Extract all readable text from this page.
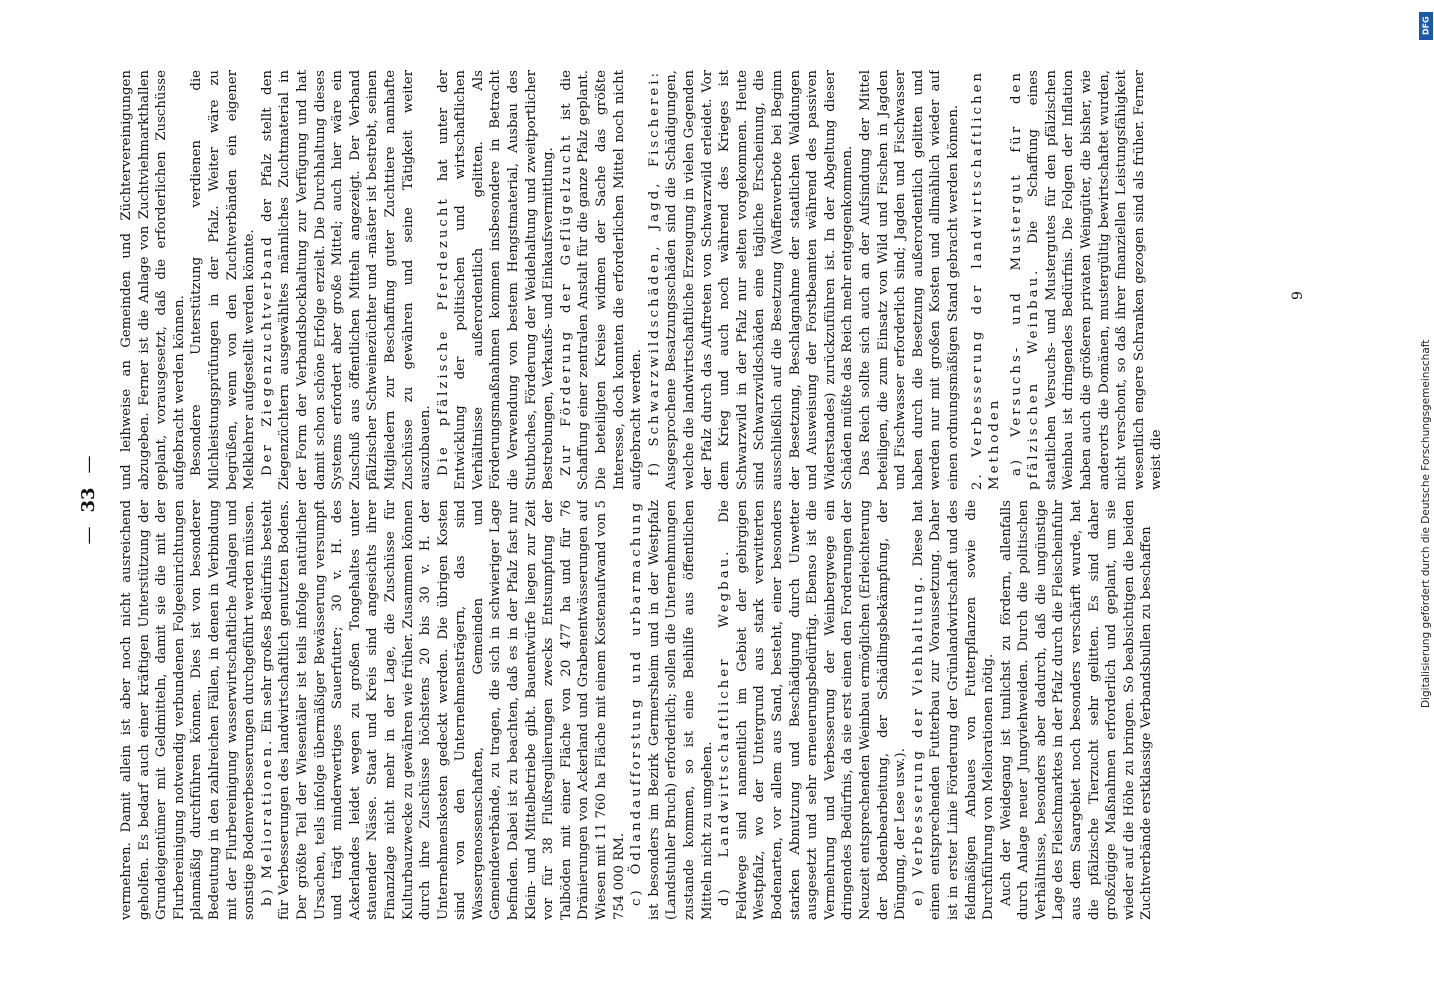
—
33
—

vermehren. Damit allein ist aber noch nicht ausreichend geholfen. Es bedarf auch einer kräftigen Unterstützung der Grundeigentümer mit Geldmitteln, damit sie die mit der Flurbereinigung notwendig verbundenen Folgeeinrichtungen planmäßig durchführen können. Dies ist von besonderer Bedeutung in den zahlreichen Fällen, in denen in Verbindung mit der Flurbereinigung wasserwirtschaftliche Anlagen und sonstige Bodenverbesserungen durchgeführt werden müssen. b) Meliorationen. Ein sehr großes Bedürfnis besteht für Verbesserungen des landwirtschaftlich genutzten Bodens. Der größte Teil der Wiesentäler ist teils infolge natürlicher Ursachen, teils infolge übermäßiger Bewässerung versumpft und trägt minderwertiges Sauerfutter; 30 v. H. des Ackerlandes leidet wegen zu großen Tongehaltes unter stauender Nässe. Staat und Kreis sind angesichts ihrer Finanzlage nicht mehr in der Lage, die Zuschüsse für Kulturbauzwecke zu gewähren wie früher. Zusammen können durch ihre Zuschüsse höchstens 20 bis 30 v. H. der Unternehmenskosten gedeckt werden. Die übrigen Kosten sind von den Unternehmensträgern, das sind Wassergenossenschaften, Gemeinden und Gemeindeverbände, zu tragen, die sich in schwieriger Lage befinden. Dabei ist zu beachten, daß es in der Pfalz fast nur Klein- und Mittelbetriebe gibt. Bauentwürfe liegen zur Zeit vor für 38 Flußregulierungen zwecks Entsumpfung der Talböden mit einer Fläche von 20 477 ha und für 76 Dränierungen von Ackerland und Grabenentwässerungen auf Wiesen mit 11 760 ha Fläche mit einem Kostenaufwand von 5 754 000 RM. c) Ödlandaufforstung und urbarmachung ist besonders im Bezirk Germersheim und in der Westpfalz (Landstuhler Bruch) erforderlich; sollen die Unternehmungen zustande kommen, so ist eine Beihilfe aus öffentlichen Mitteln nicht zu umgehen. d) Landwirtschaftlicher Wegbau. Die Feldwege sind namentlich im Gebiet der gebirgigen Westpfalz, wo der Untergrund aus stark verwitterten Bodenarten, vor allem aus Sand, besteht, einer besonders starken Abnutzung und Beschädigung durch Unwetter ausgesetzt und sehr erneuerungsbedürftig. Ebenso ist die Vermehrung und Verbesserung der Weinbergwege ein dringendes Bedürfnis, da sie erst einen den Forderungen der Neuzeit entsprechenden Weinbau ermöglichen (Erleichterung der Bodenbearbeitung, der Schädlingsbekämpfung, der Düngung, der Lese usw.). e) Verbesserung der Viehhaltung. Diese hat einen entsprechenden Futterbau zur Voraussetzung. Daher ist in erster Linie Förderung der Grünlandwirtschaft und des feldmäßigen Anbaues von Futterpflanzen sowie die Durchführung von Meliorationen nötig. Auch der Weidegang ist tunlichst zu fördern, allenfalls durch Anlage neuer Jungviehweiden. Durch die politischen Verhältnisse, besonders aber dadurch, daß die ungünstige Lage des Fleischmarktes in der Pfalz durch die Fleischeinfuhr aus dem Saargebiet noch besonders verschärft wurde, hat die pfälzische Tierzucht sehr gelitten. Es sind daher großzügige Maßnahmen erforderlich und geplant, um sie wieder auf die Höhe zu bringen. So beabsichtigen die beiden Zuchtverbände erstklassige Verbandsbullen zu beschaffen

und leihweise an Gemeinden und Züchtervereinigungen abzugeben. Ferner ist die Anlage von Zuchtviehmarkthallen geplant, vorausgesetzt, daß die erforderlichen Zuschüsse aufgebracht werden können. Besondere Unterstützung verdienen die Milchleistungsprüfungen in der Pfalz. Weiter wäre zu begrüßen, wenn von den Zuchtverbänden ein eigener Melklehrer aufgestellt werden könnte. Der Ziegenzuchtverband der Pfalz stellt den Ziegenzüchtern ausgewähltes männliches Zuchtmaterial in der Form der Verbandsbockhaltung zur Verfügung und hat damit schon schöne Erfolge erzielt. Die Durchhaltung dieses Systems erfordert aber große Mittel; auch hier wäre ein Zuschuß aus öffentlichen Mitteln angezeigt. Der Verband pfälzischer Schweinezüchter und -mäster ist bestrebt, seinen Mitgliedern zur Beschaffung guter Zuchttiere namhafte Zuschüsse zu gewähren und seine Tätigkeit weiter auszubauen. Die pfälzische Pferdezucht hat unter der Entwicklung der politischen und wirtschaftlichen Verhältnisse außerordentlich gelitten. Als Förderungsmaßnahmen kommen insbesondere in Betracht die Verwendung von bestem Hengstmaterial, Ausbau des Stutbuches, Förderung der Weidehaltung und zweitportlicher Bestrebungen, Verkaufs- und Einkaufsvermittlung. Zur Förderung der Geflügelzucht ist die Schaffung einer zentralen Anstalt für die ganze Pfalz geplant. Die beteiligten Kreise widmen der Sache das größte Interesse, doch konnten die erforderlichen Mittel noch nicht aufgebracht werden. f) Schwarzwildschäden, Jagd, Fischerei: Ausgesprochene Besatzungsschäden sind die Schädigungen, welche die landwirtschaftliche Erzeugung in vielen Gegenden der Pfalz durch das Auftreten von Schwarzwild erleidet. Vor dem Krieg und auch noch während des Krieges ist Schwarzwild in der Pfalz nur selten vorgekommen. Heute sind Schwarzwildschäden eine tägliche Erscheinung, die ausschließlich auf die Besetzung (Waffenverbote bei Beginn der Besetzung, Beschlagnahme der staatlichen Waldungen und Ausweisung der Forstbeamten während des passiven Widerstandes) zurückzuführen ist. In der Abgeltung dieser Schäden müßte das Reich mehr entgegenkommen. Das Reich sollte sich auch an der Aufsindung der Mittel beteiligen, die zum Einsatz von Wild und Fischen in Jagden und Fischwasser erforderlich sind; Jagden und Fischwasser haben durch die Besetzung außerordentlich gelitten und werden nur mit großen Kosten und allmählich wieder auf einen ordnungsmäßigen Stand gebracht werden können. 2. Verbesserung der landwirtschaftlichen Methoden a) Versuchs- und Mustergut für den pfälzischen Weinbau. Die Schaffung eines staatlichen Versuchs- und Mustergutes für den pfälzischen Weinbau ist dringendes Bedürfnis. Die Folgen der Inflation haben auch die größeren privaten Weingüter, die bisher, wie anderorts die Domänen, mustergültig bewirtschaftet wurden, nicht verschont, so daß ihrer finanziellen Leistungsfähigkeit wesentlich engere Schranken gezogen sind als früher. Ferner weist die

9
Digitalisierung gefördert durch die Deutsche Forschungsgemeinschaft
DFG
